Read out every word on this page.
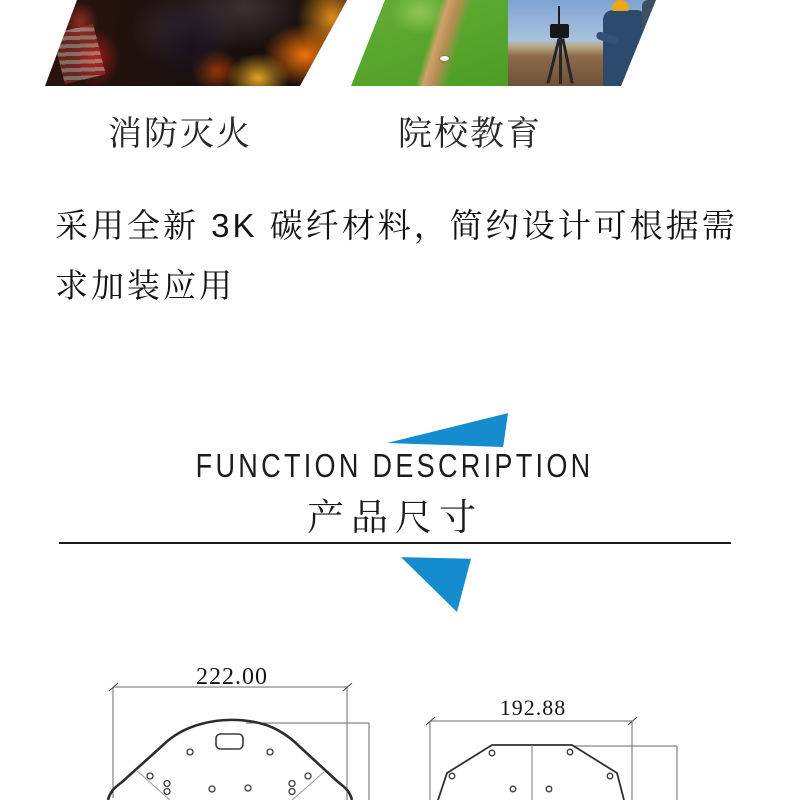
消防灭火	院校教育
采用全新 3K 碳纤材料，简约设计可根据需求加装应用
FUNCTION DESCRIPTION
产品尺寸
222.00
192.88
